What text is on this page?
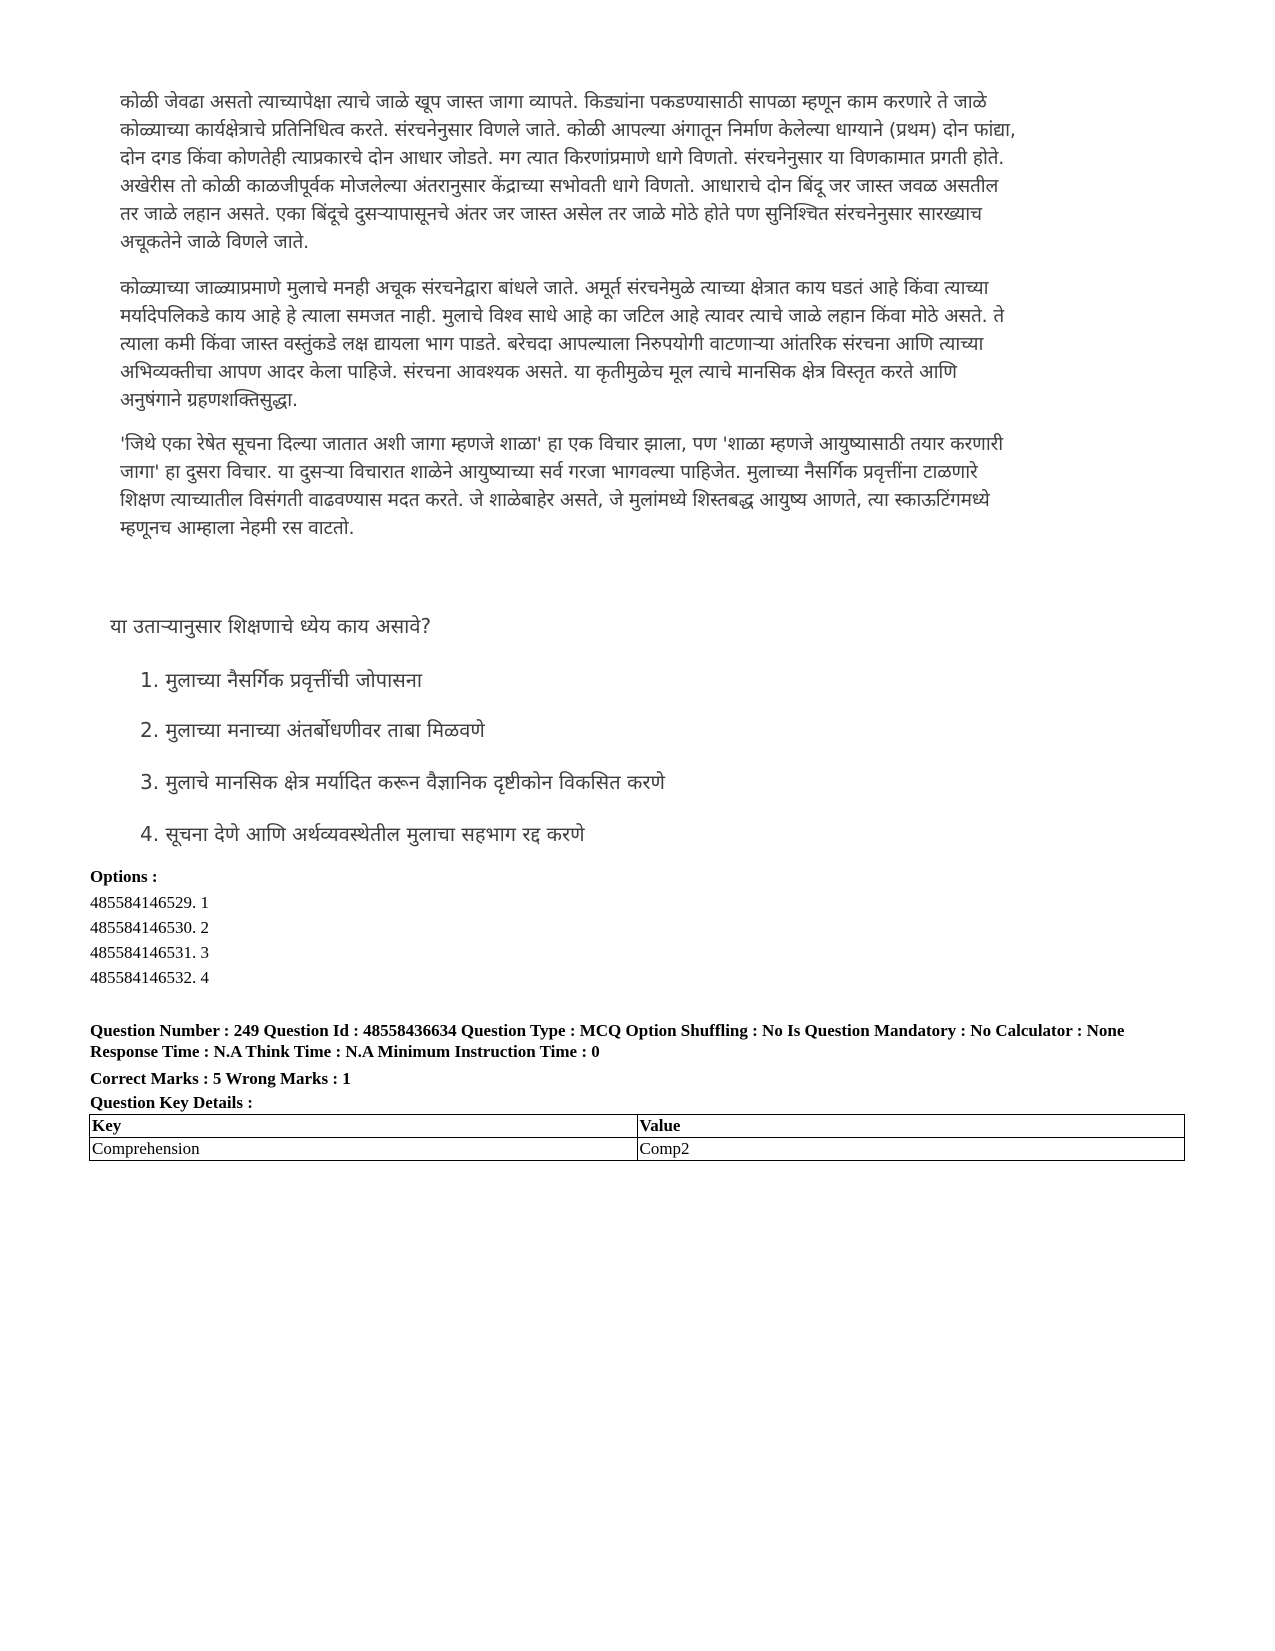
कोळी जेवढा असतो त्याच्यापेक्षा त्याचे जाळे खूप जास्त जागा व्यापते. किड्यांना पकडण्यासाठी सापळा म्हणून काम करणारे ते जाळे कोळ्याच्या कार्यक्षेत्राचे प्रतिनिधित्व करते. संरचनेनुसार विणले जाते. कोळी आपल्या अंगातून निर्माण केलेल्या धाग्याने (प्रथम) दोन फांद्या, दोन दगड किंवा कोणतेही त्याप्रकारचे दोन आधार जोडते. मग त्यात किरणांप्रमाणे धागे विणतो. संरचनेनुसार या विणकामात प्रगती होते. अखेरीस तो कोळी काळजीपूर्वक मोजलेल्या अंतरानुसार केंद्राच्या सभोवती धागे विणतो. आधाराचे दोन बिंदू जर जास्त जवळ असतील तर जाळे लहान असते. एका बिंदूचे दुसऱ्यापासूनचे अंतर जर जास्त असेल तर जाळे मोठे होते पण सुनिश्चित संरचनेनुसार सारख्याच अचूकतेने जाळे विणले जाते.

कोळ्याच्या जाळ्याप्रमाणे मुलाचे मनही अचूक संरचनेद्वारा बांधले जाते. अमूर्त संरचनेमुळे त्याच्या क्षेत्रात काय घडतं आहे किंवा त्याच्या मर्यादेपलिकडे काय आहे हे त्याला समजत नाही. मुलाचे विश्व साधे आहे का जटिल आहे त्यावर त्याचे जाळे लहान किंवा मोठे असते. ते त्याला कमी किंवा जास्त वस्तुंकडे लक्ष द्यायला भाग पाडते. बरेचदा आपल्याला निरुपयोगी वाटणाऱ्या आंतरिक संरचना आणि त्याच्या अभिव्यक्तीचा आपण आदर केला पाहिजे. संरचना आवश्यक असते. या कृतीमुळेच मूल त्याचे मानसिक क्षेत्र विस्तृत करते आणि अनुषंगाने ग्रहणशक्तिसुद्धा.

'जिथे एका रेषेत सूचना दिल्या जातात अशी जागा म्हणजे शाळा' हा एक विचार झाला, पण 'शाळा म्हणजे आयुष्यासाठी तयार करणारी जागा' हा दुसरा विचार. या दुसऱ्या विचारात शाळेने आयुष्याच्या सर्व गरजा भागवल्या पाहिजेत. मुलाच्या नैसर्गिक प्रवृत्तींना टाळणारे शिक्षण त्याच्यातील विसंगती वाढवण्यास मदत करते. जे शाळेबाहेर असते, जे मुलांमध्ये शिस्तबद्ध आयुष्य आणते, त्या स्काऊटिंगमध्ये म्हणूनच आम्हाला नेहमी रस वाटतो.

या उताऱ्यानुसार शिक्षणाचे ध्येय काय असावे?
1. मुलाच्या नैसर्गिक प्रवृत्तींची जोपासना
2. मुलाच्या मनाच्या अंतर्बोधणीवर ताबा मिळवणे
3. मुलाचे मानसिक क्षेत्र मर्यादित करून वैज्ञानिक दृष्टीकोन विकसित करणे
4. सूचना देणे आणि अर्थव्यवस्थेतील मुलाचा सहभाग रद्द करणे
Options :
485584146529. 1
485584146530. 2
485584146531. 3
485584146532. 4
Question Number : 249 Question Id : 48558436634 Question Type : MCQ Option Shuffling : No Is Question Mandatory : No Calculator : None Response Time : N.A Think Time : N.A Minimum Instruction Time : 0
Correct Marks : 5 Wrong Marks : 1
Question Key Details :
Key	Value
Comprehension	Comp2
